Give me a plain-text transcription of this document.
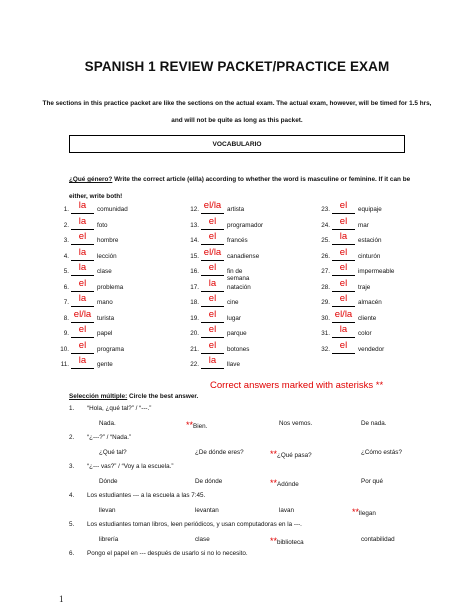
SPANISH 1 REVIEW PACKET/PRACTICE EXAM
The sections in this practice packet are like the sections on the actual exam. The actual exam, however, will be timed for 1.5 hrs, and will not be quite as long as this packet.
VOCABULARIO
¿Qué género? Write the correct article (el/la) according to whether the word is masculine or feminine. If it can be either, write both!
1.	la	comunidad
2.	la	foto
3.	el	hombre
4.	la	lección
5.	la	clase
6.	el	problema
7.	la	mano
8. el/la turista
9.	el	papel
10.	el	programa
11.	la	gente
12. el/la artista
13.	el	programador
14.	el	francés
15. el/la canadiense
16.	el	fin de semana
17.	la	natación
18.	el	cine
19.	el	lugar
20.	el	parque
21.	el	botones
22.	la	llave
23.	el	equipaje
24.	el	mar
25.	la	estación
26.	el	cinturón
27.	el	impermeable
28.	el	traje
29.	el	almacén
30. el/la cliente
31.	la	color
32.	el	vendedor
Correct answers marked with asterisks **
Selección múltiple: Circle the best answer.
1. “Hola, ¿qué tal?” / “---.”
Nada.	**Bien.	Nos vemos.	De nada.
2. “¿---?” / “Nada.”
¿Qué tal?	¿De dónde eres?	**¿Qué pasa?	¿Cómo estás?
3. “¿--- vas?” / “Voy a la escuela.”
Dónde	De dónde	**Adónde	Por qué
4. Los estudiantes --- a la escuela a las 7:45.
llevan	levantan	lavan	**llegan
5. Los estudiantes toman libros, leen periódicos, y usan computadoras en la ---.
librería	clase	**biblioteca	contabilidad
6. Pongo el papel en --- después de usarlo si no lo necesito.
1
